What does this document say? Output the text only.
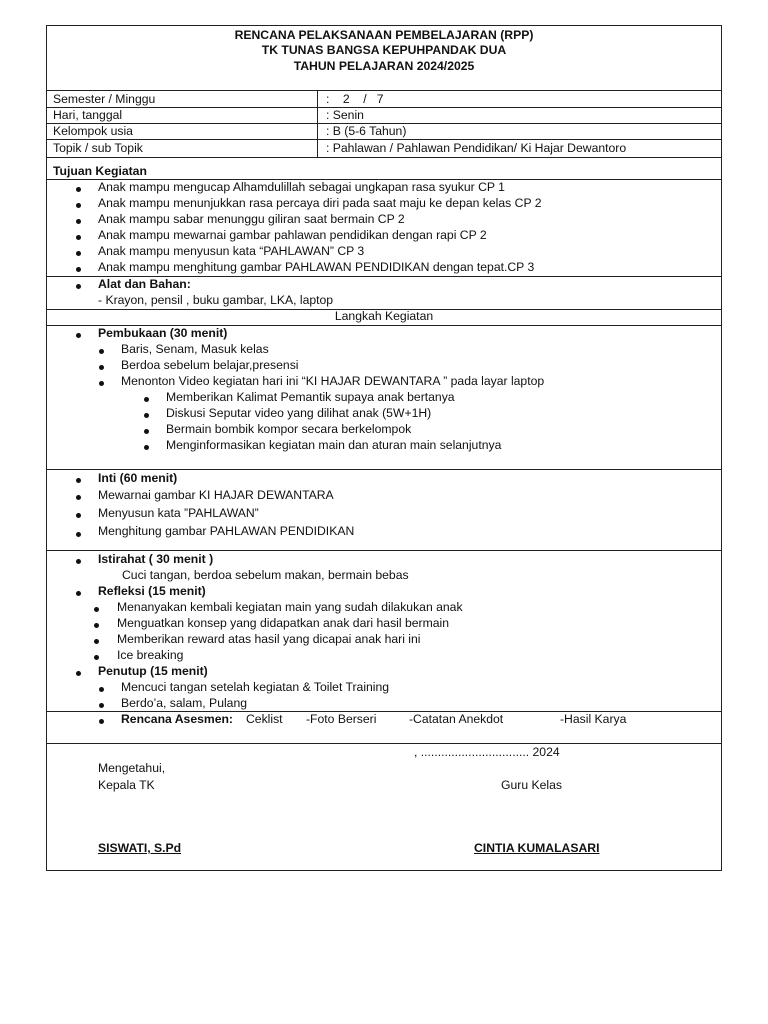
RENCANA PELAKSANAAN PEMBELAJARAN (RPP)
TK TUNAS BANGSA KEPUHPANDAK DUA
TAHUN PELAJARAN 2024/2025
Semester / Minggu	:    2    /   7
Hari, tanggal	: Senin
Kelompok usia	: B (5-6 Tahun)
Topik / sub Topik	: Pahlawan / Pahlawan Pendidikan/ Ki Hajar Dewantoro
Tujuan Kegiatan
Anak mampu mengucap Alhamdulillah sebagai ungkapan rasa syukur CP 1
Anak mampu menunjukkan rasa percaya diri pada saat maju ke depan kelas CP 2
Anak mampu sabar menunggu giliran saat bermain CP 2
Anak mampu mewarnai gambar pahlawan pendidikan dengan rapi CP 2
Anak mampu menyusun kata “PAHLAWAN” CP 3
Anak mampu menghitung gambar PAHLAWAN PENDIDIKAN dengan tepat.CP 3
Alat dan Bahan:
- Krayon, pensil , buku gambar, LKA, laptop
Langkah Kegiatan
Pembukaan (30 menit)
Baris, Senam, Masuk kelas
Berdoa sebelum belajar,presensi
Menonton Video kegiatan hari ini “KI HAJAR DEWANTARA ” pada layar laptop
Memberikan Kalimat Pemantik supaya anak bertanya
Diskusi Seputar video yang dilihat anak (5W+1H)
Bermain bombik kompor secara berkelompok
Menginformasikan kegiatan main dan aturan main selanjutnya
Inti (60 menit)
Mewarnai gambar KI HAJAR DEWANTARA
Menyusun kata ”PAHLAWAN”
Menghitung gambar PAHLAWAN PENDIDIKAN
Istirahat ( 30 menit )
Cuci tangan, berdoa sebelum makan, bermain bebas
Refleksi (15 menit)
Menanyakan kembali kegiatan main yang sudah dilakukan anak
Menguatkan konsep yang didapatkan anak dari hasil bermain
Memberikan reward atas hasil yang dicapai anak hari ini
Ice breaking
Penutup (15 menit)
Mencuci tangan setelah kegiatan & Toilet Training
Berdo’a, salam, Pulang
Rencana Asesmen: Ceklist -Foto Berseri	-Catatan Anekdot	-Hasil Karya
, ................................ 2024
Mengetahui,
Kepala TK	Guru Kelas
SISWATI, S.Pd	CINTIA KUMALASARI
